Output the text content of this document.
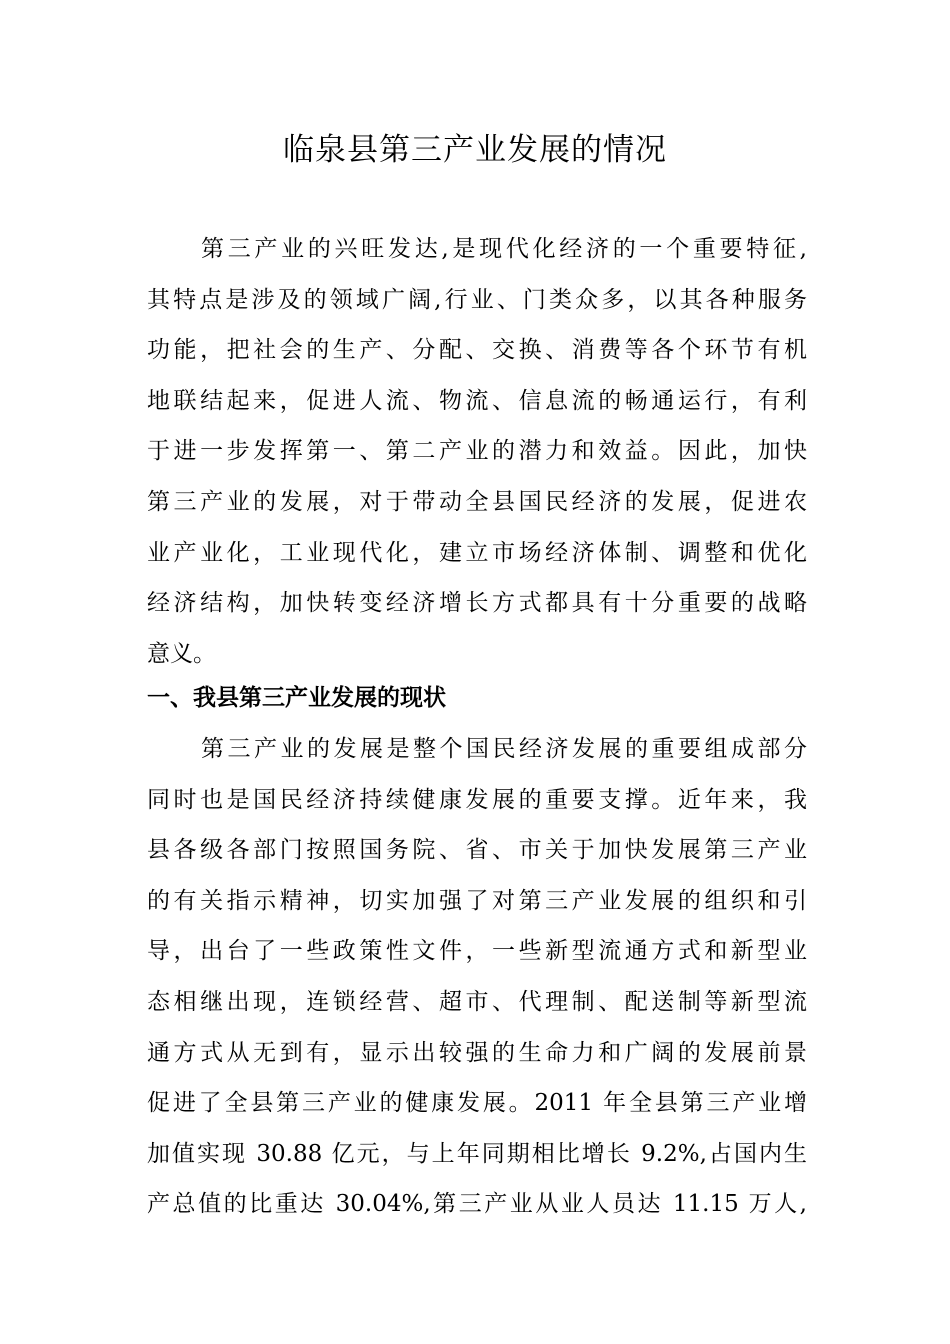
临泉县第三产业发展的情况
第三产业的兴旺发达,是现代化经济的一个重要特征,
其特点是涉及的领域广阔,行业、门类众多，以其各种服务
功能，把社会的生产、分配、交换、消费等各个环节有机
地联结起来，促进人流、物流、信息流的畅通运行，有利
于进一步发挥第一、第二产业的潜力和效益。因此，加快
第三产业的发展，对于带动全县国民经济的发展，促进农
业产业化，工业现代化，建立市场经济体制、调整和优化
经济结构，加快转变经济增长方式都具有十分重要的战略
意义。
一、我县第三产业发展的现状
第三产业的发展是整个国民经济发展的重要组成部分
同时也是国民经济持续健康发展的重要支撑。近年来，我
县各级各部门按照国务院、省、市关于加快发展第三产业
的有关指示精神，切实加强了对第三产业发展的组织和引
导，出台了一些政策性文件，一些新型流通方式和新型业
态相继出现，连锁经营、超市、代理制、配送制等新型流
通方式从无到有，显示出较强的生命力和广阔的发展前景
促进了全县第三产业的健康发展。2011 年全县第三产业增
加值实现 30.88 亿元，与上年同期相比增长 9.2%,占国内生
产总值的比重达 30.04%,第三产业从业人员达 11.15 万人,
